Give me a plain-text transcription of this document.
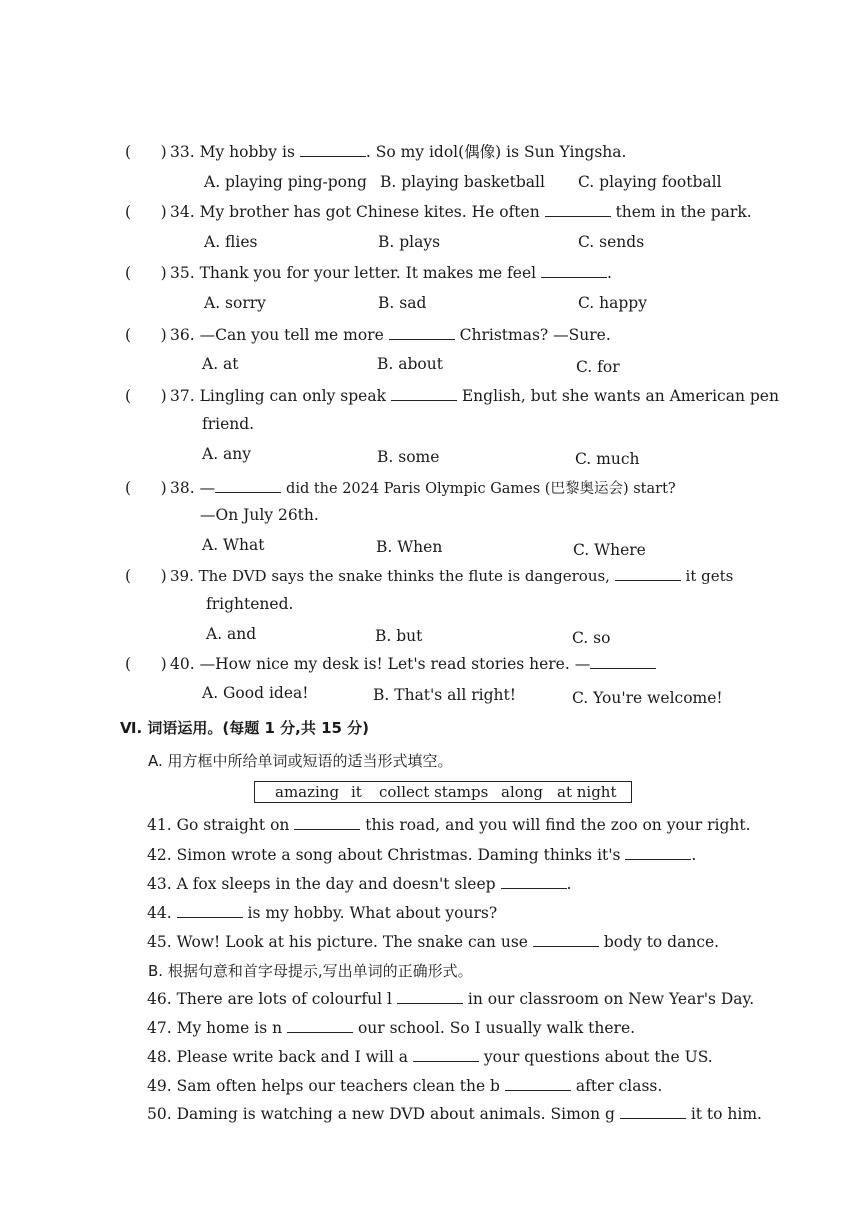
( ) 33. My hobby is	. So my idol(偶像) is Sun Yingsha.
A. playing ping-pong B. playing basketball C. playing football
( ) 34. My brother has got Chinese kites. He often	them in the park.
A. flies	B. plays	C. sends
( ) 35. Thank you for your letter. It makes me feel	.
A. sorry	B. sad	C. happy
( ) 36. —Can you tell me more	Christmas? —Sure.
A. at	B. about	C. for
( ) 37. Lingling can only speak	English, but she wants an American pen
friend.
A. any	B. some	C. much
( ) 38. —	did the 2024 Paris Olympic Games (巴黎奥运会) start?
—On July 26th.
A. What	B. When	C. Where
( ) 39. The DVD says the snake thinks the flute is dangerous,	it gets
frightened.
A. and	B. but	C. so
( ) 40. —How nice my desk is! Let's read stories here. —
A. Good idea!	B. That's all right!	C. You're welcome!
Ⅵ. 词语运用。(每题 1 分,共 15 分)
A. 用方框中所给单词或短语的适当形式填空。
amazing it collect stamps along at night
41. Go straight on	this road, and you will find the zoo on your right.
42. Simon wrote a song about Christmas. Daming thinks it's	.
43. A fox sleeps in the day and doesn't sleep	.
44.	is my hobby. What about yours?
45. Wow! Look at his picture. The snake can use	body to dance.
B. 根据句意和首字母提示,写出单词的正确形式。
46. There are lots of colourful l	in our classroom on New Year's Day.
47. My home is n	our school. So I usually walk there.
48. Please write back and I will a	your questions about the US.
49. Sam often helps our teachers clean the b	after class.
50. Daming is watching a new DVD about animals. Simon g	it to him.
